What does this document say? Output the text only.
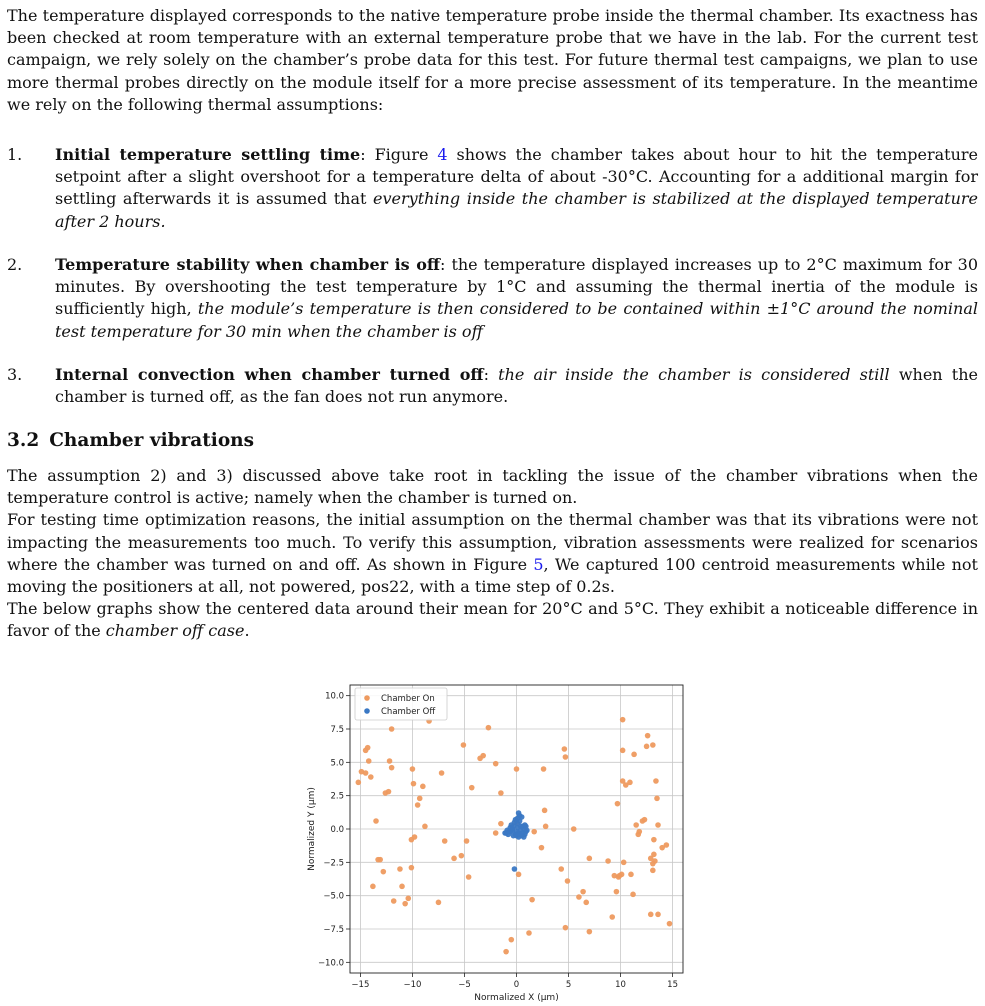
The temperature displayed corresponds to the native temperature probe inside the thermal chamber. Its exactness has been checked at room temperature with an external temperature probe that we have in the lab. For the current test campaign, we rely solely on the chamber’s probe data for this test. For future thermal test campaigns, we plan to use more thermal probes directly on the module itself for a more precise assessment of its temperature. In the meantime we rely on the following thermal assumptions:

1. Initial temperature settling time: Figure 4 shows the chamber takes about hour to hit the temperature setpoint after a slight overshoot for a temperature delta of about -30°C. Accounting for a additional margin for settling afterwards it is assumed that everything inside the chamber is stabilized at the displayed temperature after 2 hours.
2. Temperature stability when chamber is off: the temperature displayed increases up to 2°C maximum for 30 minutes. By overshooting the test temperature by 1°C and assuming the thermal inertia of the module is sufficiently high, the module’s temperature is then considered to be contained within ±1°C around the nominal test temperature for 30 min when the chamber is off
3. Internal convection when chamber turned off: the air inside the chamber is considered still when the chamber is turned off, as the fan does not run anymore.
3.2 Chamber vibrations

The assumption 2) and 3) discussed above take root in tackling the issue of the chamber vibrations when the temperature control is active; namely when the chamber is turned on.

For testing time optimization reasons, the initial assumption on the thermal chamber was that its vibrations were not impacting the measurements too much. To verify this assumption, vibration assessments were realized for scenarios where the chamber was turned on and off. As shown in Figure 5, We captured 100 centroid measurements while not moving the positioners at all, not powered, pos22, with a time step of 0.2s.

The below graphs show the centered data around their mean for 20°C and 5°C. They exhibit a noticeable difference in favor of the chamber off case.

−15	−10	−5	0	5	10	15
−10.0
−7.5
−5.0
−2.5
0.0
2.5
5.0
7.5
10.0
Normalized X (µm)
Normalized Y (µm)
Chamber On
Chamber Off
